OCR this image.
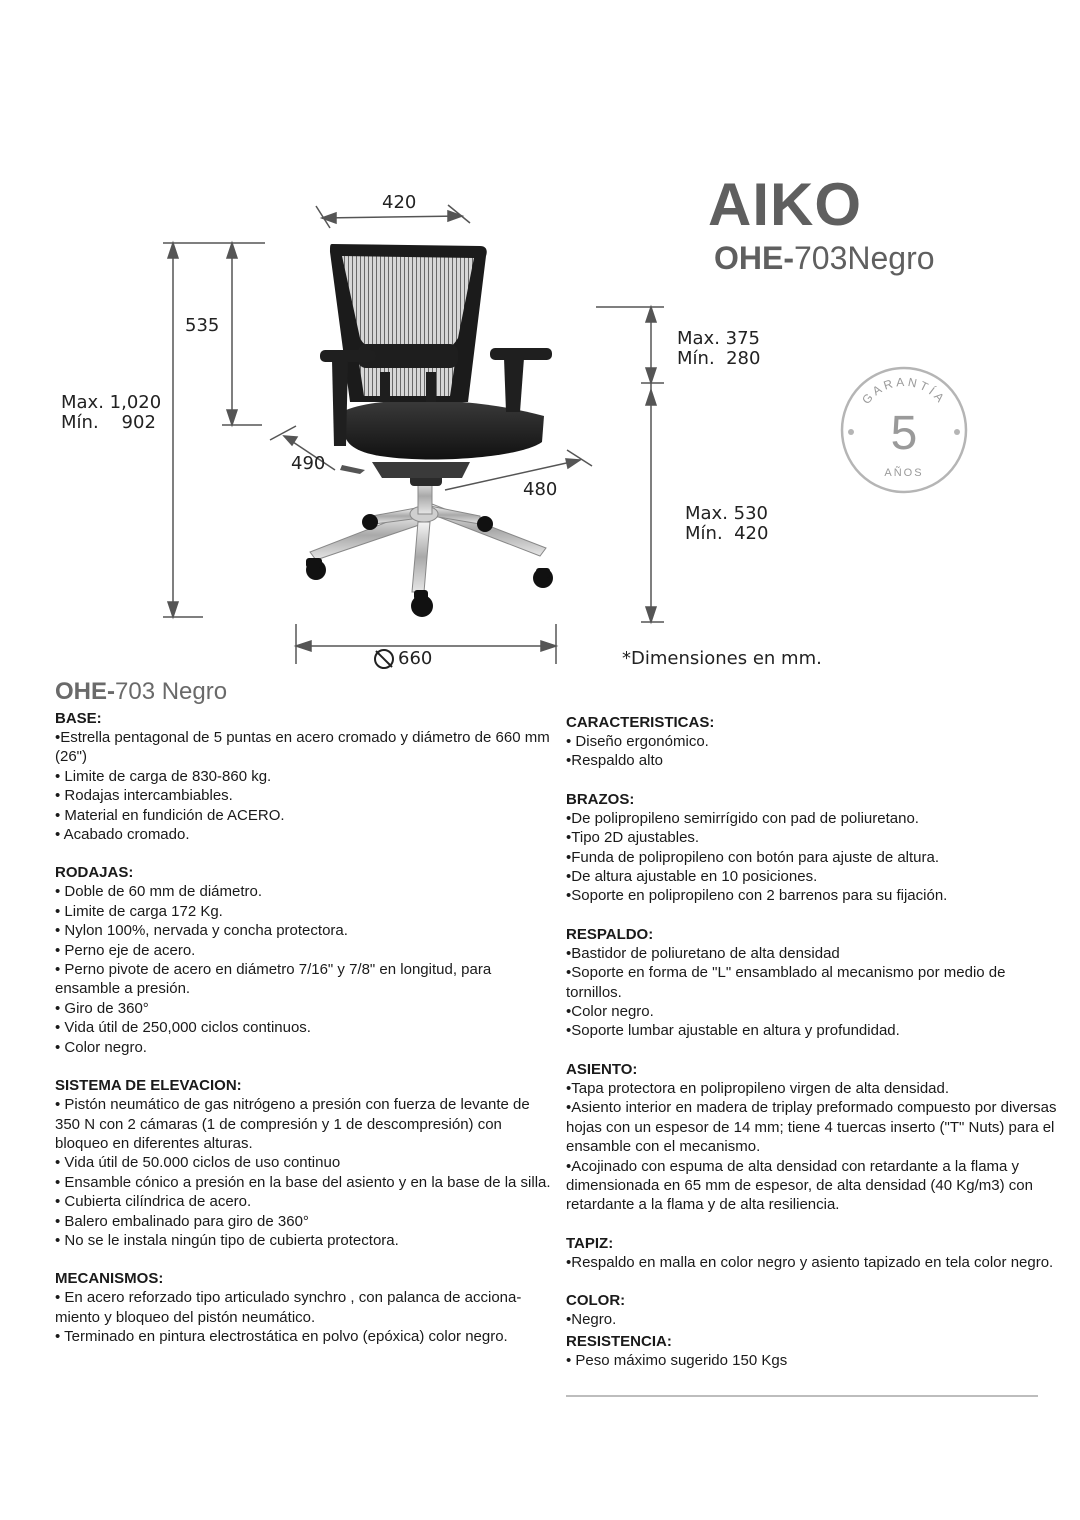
GARANTÍA
5
AÑOS
420
535
Max. 1,020
Mín.    902
490
480
Max. 375
Mín.  280
Max. 530
Mín.  420
660	*Dimensiones en mm.
AIKO
OHE-703Negro
OHE-703 Negro
BASE:
•Estrella pentagonal de 5 puntas en acero cromado y diámetro de 660 mm (26")
• Limite de carga de 830-860 kg.
• Rodajas intercambiables.
• Material en fundición de ACERO.
• Acabado cromado.
RODAJAS:
• Doble de 60 mm de diámetro.
• Limite de carga 172 Kg.
• Nylon 100%, nervada y concha protectora.
• Perno eje de acero.
• Perno pivote de acero en diámetro 7/16" y 7/8" en longitud, para ensamble a presión.
• Giro de 360°
• Vida útil de 250,000 ciclos continuos.
• Color negro.
SISTEMA DE ELEVACION:
• Pistón neumático de gas nitrógeno a presión con fuerza de levante de 350 N con 2 cámaras (1 de compresión y 1 de descompresión) con bloqueo en diferentes alturas.
• Vida útil de 50.000 ciclos de uso continuo
• Ensamble cónico a presión en la base del asiento y en la base de la silla.
• Cubierta cilíndrica de acero.
• Balero embalinado para giro de 360°
• No se le instala ningún tipo de cubierta protectora.
MECANISMOS:
• En acero reforzado tipo articulado synchro , con palanca de acciona-miento y bloqueo del pistón neumático.
• Terminado en pintura electrostática en polvo (epóxica) color negro.
CARACTERISTICAS:
• Diseño ergonómico.
•Respaldo alto
BRAZOS:
•De polipropileno semirrígido con pad de poliuretano.
•Tipo 2D ajustables.
•Funda de polipropileno con botón para ajuste de altura.
•De altura ajustable en 10 posiciones.
•Soporte en polipropileno con 2 barrenos para su fijación.
RESPALDO:
•Bastidor de poliuretano de alta densidad
•Soporte en forma de "L" ensamblado al mecanismo por medio de tornillos.
•Color negro.
•Soporte lumbar ajustable en altura y profundidad.
ASIENTO:
•Tapa protectora en polipropileno virgen de alta densidad.
•Asiento interior en madera de triplay preformado compuesto por diversas hojas con un espesor de 14 mm; tiene 4 tuercas inserto ("T" Nuts) para el ensamble con el mecanismo.
•Acojinado con espuma de alta densidad con retardante a la flama y dimensionada en 65 mm de espesor, de alta densidad (40 Kg/m3) con retardante a la flama y de alta resiliencia.
TAPIZ:
•Respaldo en malla en color negro y asiento tapizado en tela color negro.
COLOR:
•Negro.
RESISTENCIA:
• Peso máximo sugerido 150 Kgs
